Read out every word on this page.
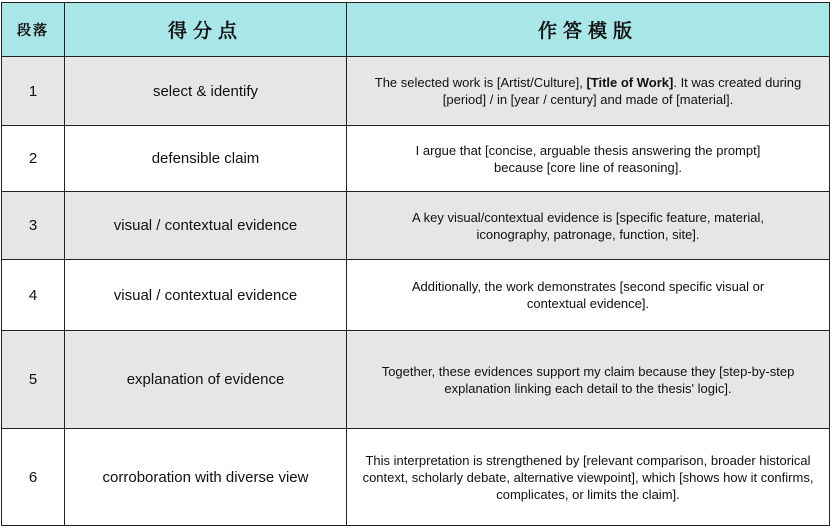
段落	得分点	作答模版
1	select & identify	The selected work is [Artist/Culture], [Title of Work]. It was created during [period] / in [year / century] and made of [material].
2	defensible claim	I argue that [concise, arguable thesis answering the prompt] because [core line of reasoning].
3	visual / contextual evidence	A key visual/contextual evidence is [specific feature, material, iconography, patronage, function, site].
4	visual / contextual evidence	Additionally, the work demonstrates [second specific visual or contextual evidence].
5	explanation of evidence	Together, these evidences support my claim because they [step-by-step explanation linking each detail to the thesis' logic].
6	corroboration with diverse view	This interpretation is strengthened by [relevant comparison, broader historical context, scholarly debate, alternative viewpoint], which [shows how it confirms, complicates, or limits the claim].
